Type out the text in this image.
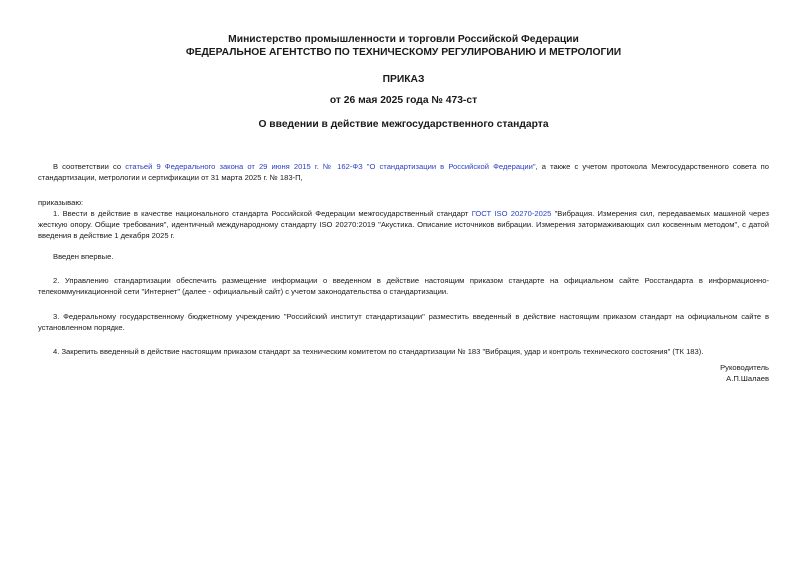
Министерство промышленности и торговли Российской Федерации
ФЕДЕРАЛЬНОЕ АГЕНТСТВО ПО ТЕХНИЧЕСКОМУ РЕГУЛИРОВАНИЮ И МЕТРОЛОГИИ
ПРИКАЗ
от 26 мая 2025 года № 473-ст
О введении в действие межгосударственного стандарта

В соответствии со статьей 9 Федерального закона от 29 июня 2015 г. № 162-ФЗ "О стандартизации в Российской Федерации", а также с учетом протокола Межгосударственного совета по стандартизации, метрологии и сертификации от 31 марта 2025 г. № 183-П,

приказываю:

1. Ввести в действие в качестве национального стандарта Российской Федерации межгосударственный стандарт ГОСТ ISO 20270-2025 "Вибрация. Измерения сил, передаваемых машиной через жесткую опору. Общие требования", идентичный международному стандарту ISO 20270:2019 "Акустика. Описание источников вибрации. Измерения затормаживающих сил косвенным методом", с датой введения в действие 1 декабря 2025 г.

Введен впервые.

2. Управлению стандартизации обеспечить размещение информации о введенном в действие настоящим приказом стандарте на официальном сайте Росстандарта в информационно-телекоммуникационной сети "Интернет" (далее - официальный сайт) с учетом законодательства о стандартизации.

3. Федеральному государственному бюджетному учреждению "Российский институт стандартизации" разместить введенный в действие настоящим приказом стандарт на официальном сайте в установленном порядке.

4. Закрепить введенный в действие настоящим приказом стандарт за техническим комитетом по стандартизации № 183 "Вибрация, удар и контроль технического состояния" (ТК 183).

Руководитель
А.П.Шалаев
